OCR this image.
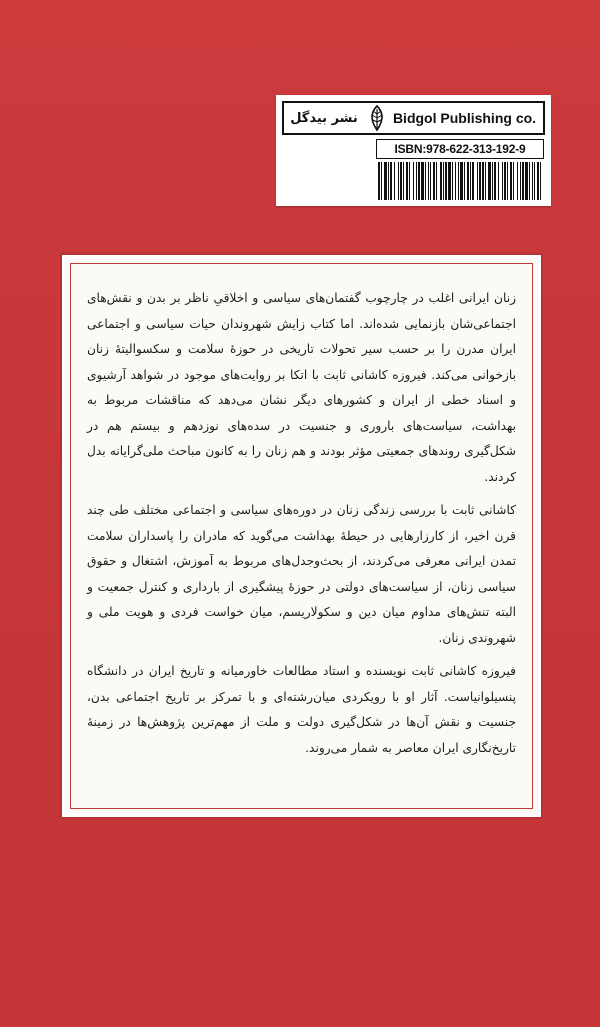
نشر بیدگل	Bidgol Publishing co.
ISBN:978-622-313-192-9

زنان ایرانی اغلب در چارچوب گفتمان‌های سیاسی و اخلاقیِ ناظر بر بدن و نقش‌های اجتماعی‌شان بازنمایی شده‌اند. اما کتاب زایش شهروندان حیات سیاسی و اجتماعی ایران مدرن را بر حسب سیر تحولات تاریخی در حوزهٔ سلامت و سکسوالیتهٔ زنان بازخوانی می‌کند. فیروزه کاشانی ثابت با اتکا بر روایت‌های موجود در شواهد آرشیوی و اسناد خطی از ایران و کشورهای دیگر نشان می‌دهد که مناقشات مربوط به بهداشت، سیاست‌های باروری و جنسیت در سده‌های نوزدهم و بیستم هم در شکل‌گیری روندهای جمعیتی مؤثر بودند و هم زنان را به کانون مباحث ملی‌گرایانه بدل کردند.

کاشانی ثابت با بررسی زندگی زنان در دوره‌های سیاسی و اجتماعی مختلف طی چند قرن اخیر، از کارزارهایی در حیطهٔ بهداشت می‌گوید که مادران را پاسداران سلامت تمدن ایرانی معرفی می‌کردند، از بحث‌وجدل‌های مربوط به آموزش، اشتغال و حقوق سیاسی زنان، از سیاست‌های دولتی در حوزهٔ پیشگیری از بارداری و کنترل جمعیت و البته تنش‌های مداوم میان دین و سکولاریسم، میان خواست فردی و هویت ملی و شهروندی زنان.

فیروزه کاشانی ثابت نویسنده و استاد مطالعات خاورمیانه و تاریخ ایران در دانشگاه پنسیلوانیاست. آثار او با رویکردی میان‌رشته‌ای و با تمرکز بر تاریخ اجتماعی بدن، جنسیت و نقش آن‌ها در شکل‌گیری دولت و ملت از مهم‌ترین پژوهش‌ها در زمینهٔ تاریخ‌نگاری ایران معاصر به شمار می‌روند.
